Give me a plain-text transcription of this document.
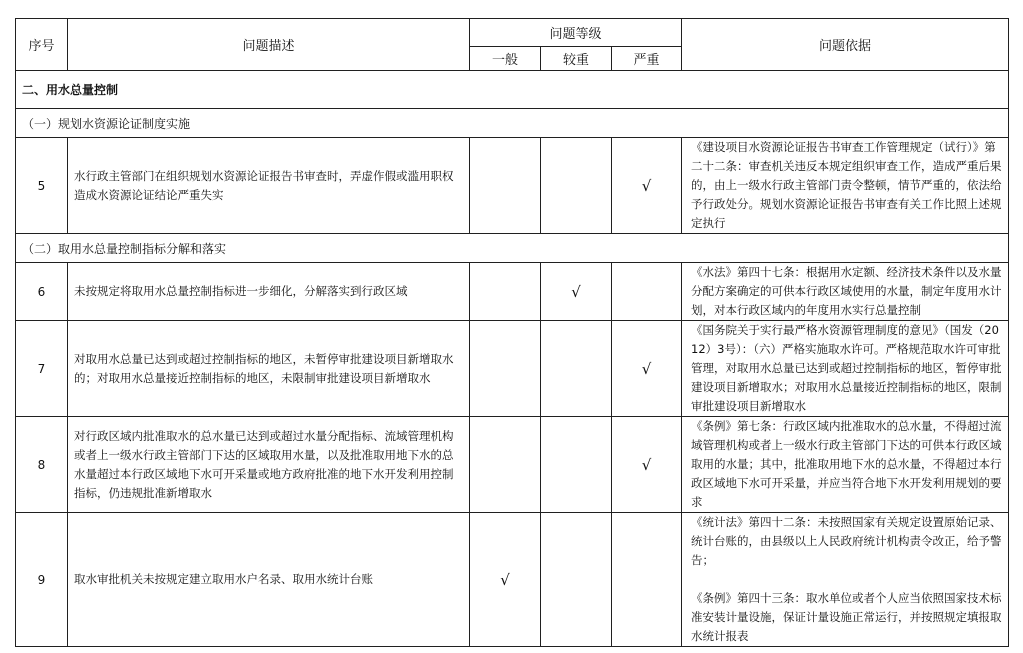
序号	问题描述	问题等级			问题依据
		一般	较重	严重	
二、用水总量控制					
（一）规划水资源论证制度实施					
5	水行政主管部门在组织规划水资源论证报告书审查时，弄虚作假或滥用职权造成水资源论证结论严重失实			√	《建设项目水资源论证报告书审查工作管理规定（试行）》第二十二条：审查机关违反本规定组织审查工作，造成严重后果的，由上一级水行政主管部门责令整顿，情节严重的，依法给予行政处分。规划水资源论证报告书审查有关工作比照上述规定执行
（二）取用水总量控制指标分解和落实					
6	未按规定将取用水总量控制指标进一步细化，分解落实到行政区域		√		《水法》第四十七条：根据用水定额、经济技术条件以及水量分配方案确定的可供本行政区域使用的水量，制定年度用水计划，对本行政区域内的年度用水实行总量控制
7	对取用水总量已达到或超过控制指标的地区，未暂停审批建设项目新增取水的；对取用水总量接近控制指标的地区，未限制审批建设项目新增取水			√	《国务院关于实行最严格水资源管理制度的意见》（国发（2012）3号）：（六）严格实施取水许可。严格规范取水许可审批管理，对取用水总量已达到或超过控制指标的地区，暂停审批建设项目新增取水；对取用水总量接近控制指标的地区，限制审批建设项目新增取水
8	对行政区域内批准取水的总水量已达到或超过水量分配指标、流域管理机构或者上一级水行政主管部门下达的区域取用水量，以及批准取用地下水的总水量超过本行政区域地下水可开采量或地方政府批准的地下水开发利用控制指标，仍违规批准新增取水			√	《条例》第七条：行政区域内批准取水的总水量，不得超过流域管理机构或者上一级水行政主管部门下达的可供本行政区域取用的水量；其中，批准取用地下水的总水量，不得超过本行政区域地下水可开采量，并应当符合地下水开发利用规划的要求
9	取水审批机关未按规定建立取用水户名录、取用水统计台账	√			《统计法》第四十二条：未按照国家有关规定设置原始记录、统计台账的，由县级以上人民政府统计机构责令改正，给予警告；
《条例》第四十三条：取水单位或者个人应当依照国家技术标准安装计量设施，保证计量设施正常运行，并按照规定填报取水统计报表
